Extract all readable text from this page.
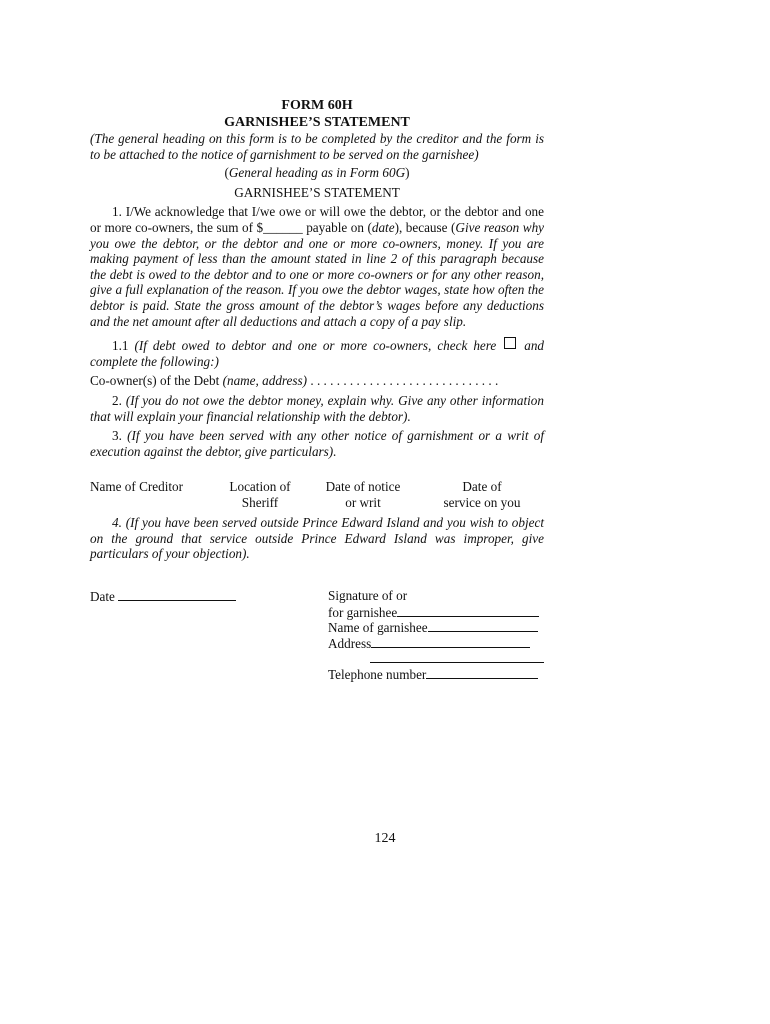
FORM 60H
GARNISHEE’S STATEMENT

(The general heading on this form is to be completed by the creditor and the form is to be attached to the notice of garnishment to be served on the garnishee)

(General heading as in Form 60G)

GARNISHEE’S STATEMENT

1. I/We acknowledge that I/we owe or will owe the debtor, or the debtor and one or more co-owners, the sum of $______ payable on (date), because (Give reason why you owe the debtor, or the debtor and one or more co-owners, money. If you are making payment of less than the amount stated in line 2 of this paragraph because the debt is owed to the debtor and to one or more co-owners or for any other reason, give a full explanation of the reason. If you owe the debtor wages, state how often the debtor is paid. State the gross amount of the debtor’s wages before any deductions and the net amount after all deductions and attach a copy of a pay slip.

1.1 (If debt owed to debtor and one or more co-owners, check here and complete the following:)

Co-owner(s) of the Debt (name, address) . . . . . . . . . . . . . . . . . . . . . . . . . . . . .

2. (If you do not owe the debtor money, explain why. Give any other information that will explain your financial relationship with the debtor).

3. (If you have been served with any other notice of garnishment or a writ of execution against the debtor, give particulars).

Name of Creditor	Location of
Sheriff
Date of notice
or writ
Date of
service on you

4. (If you have been served outside Prince Edward Island and you wish to object on the ground that service outside Prince Edward Island was improper, give particulars of your objection).

Date	Signature of or
for garnishee
Name of garnishee
Address
Telephone number
124
